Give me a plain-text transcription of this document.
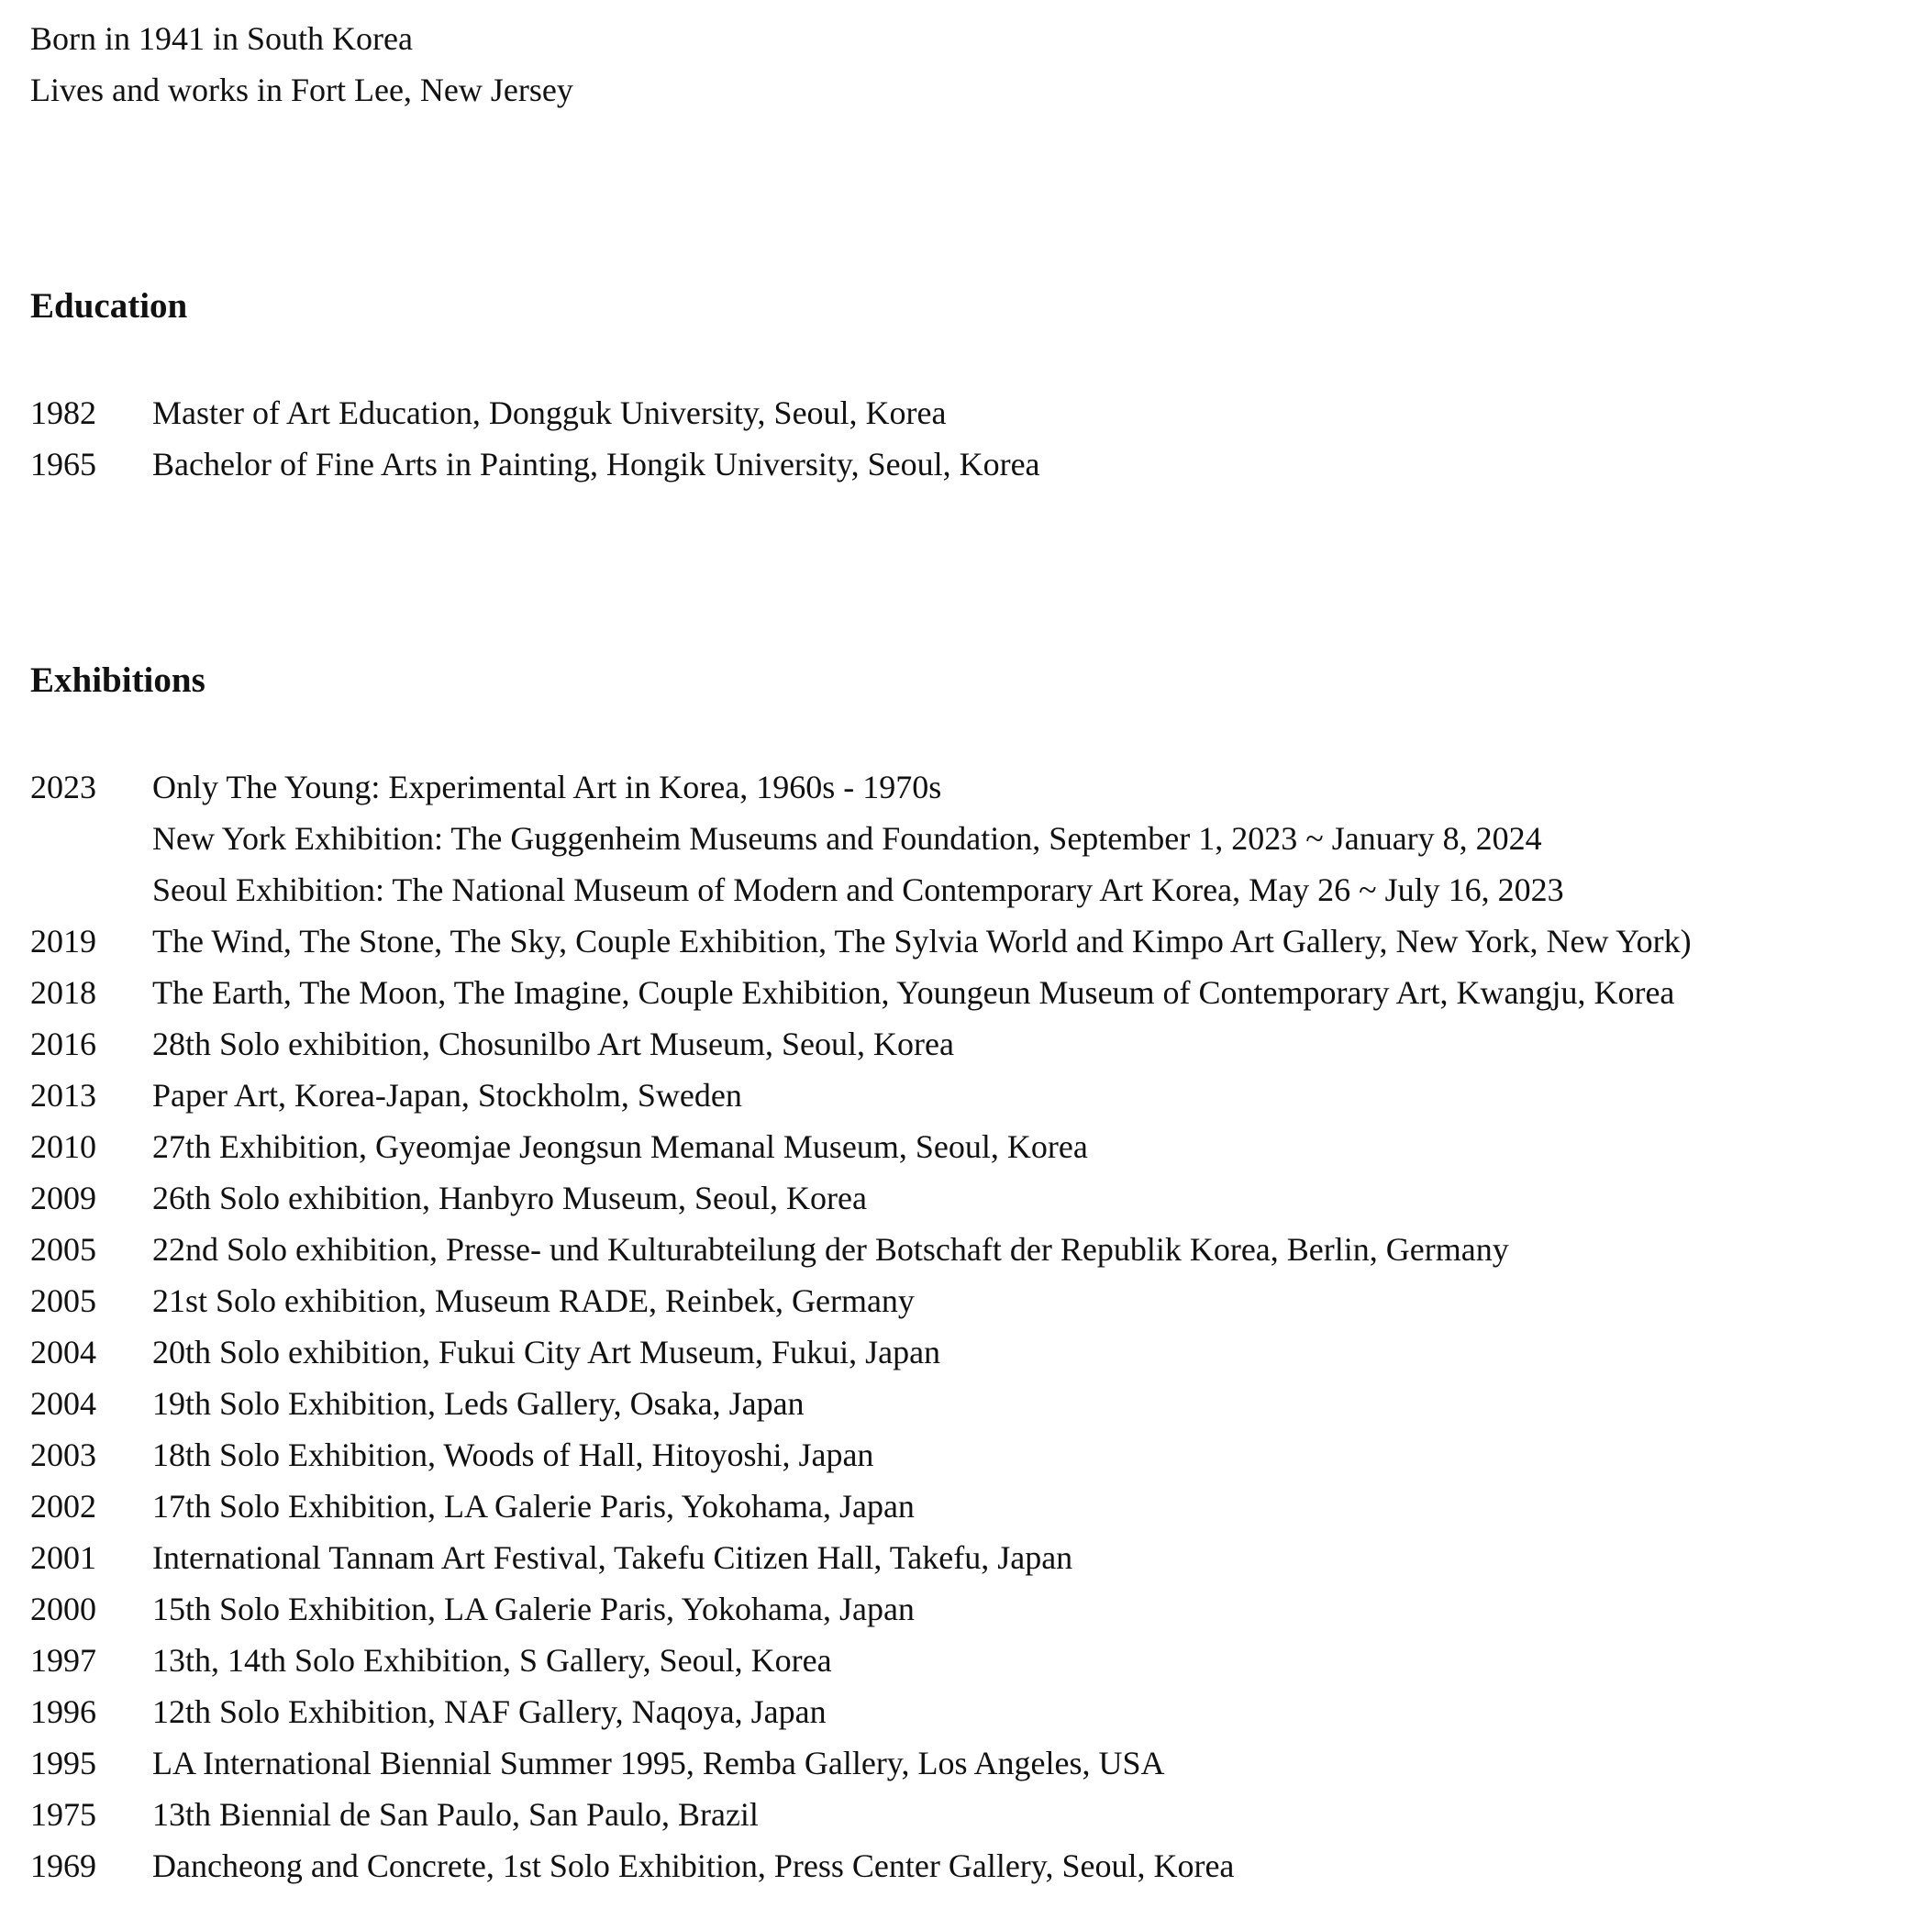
Born in 1941 in South Korea
Lives and works in Fort Lee, New Jersey
Education
1982	Master of Art Education, Dongguk University, Seoul, Korea
1965	Bachelor of Fine Arts in Painting, Hongik University, Seoul, Korea
Exhibitions
2023	Only The Young: Experimental Art in Korea, 1960s - 1970s
New York Exhibition: The Guggenheim Museums and Foundation, September 1, 2023 ~ January 8, 2024
Seoul Exhibition: The National Museum of Modern and Contemporary Art Korea, May 26 ~ July 16, 2023
2019	The Wind, The Stone, The Sky, Couple Exhibition, The Sylvia World and Kimpo Art Gallery, New York, New York)
2018	The Earth, The Moon, The Imagine, Couple Exhibition, Youngeun Museum of Contemporary Art, Kwangju, Korea
2016	28th Solo exhibition, Chosunilbo Art Museum, Seoul, Korea
2013	Paper Art, Korea-Japan, Stockholm, Sweden
2010	27th Exhibition, Gyeomjae Jeongsun Memanal Museum, Seoul, Korea
2009	26th Solo exhibition, Hanbyro Museum, Seoul, Korea
2005	22nd Solo exhibition, Presse- und Kulturabteilung der Botschaft der Republik Korea, Berlin, Germany
2005	21st Solo exhibition, Museum RADE, Reinbek, Germany
2004	20th Solo exhibition, Fukui City Art Museum, Fukui, Japan
2004	19th Solo Exhibition, Leds Gallery, Osaka, Japan
2003	18th Solo Exhibition, Woods of Hall, Hitoyoshi, Japan
2002	17th Solo Exhibition, LA Galerie Paris, Yokohama, Japan
2001	International Tannam Art Festival, Takefu Citizen Hall, Takefu, Japan
2000	15th Solo Exhibition, LA Galerie Paris, Yokohama, Japan
1997	13th, 14th Solo Exhibition, S Gallery, Seoul, Korea
1996	12th Solo Exhibition, NAF Gallery, Naqoya, Japan
1995	LA International Biennial Summer 1995, Remba Gallery, Los Angeles, USA
1975	13th Biennial de San Paulo, San Paulo, Brazil
1969	Dancheong and Concrete, 1st Solo Exhibition, Press Center Gallery, Seoul, Korea
